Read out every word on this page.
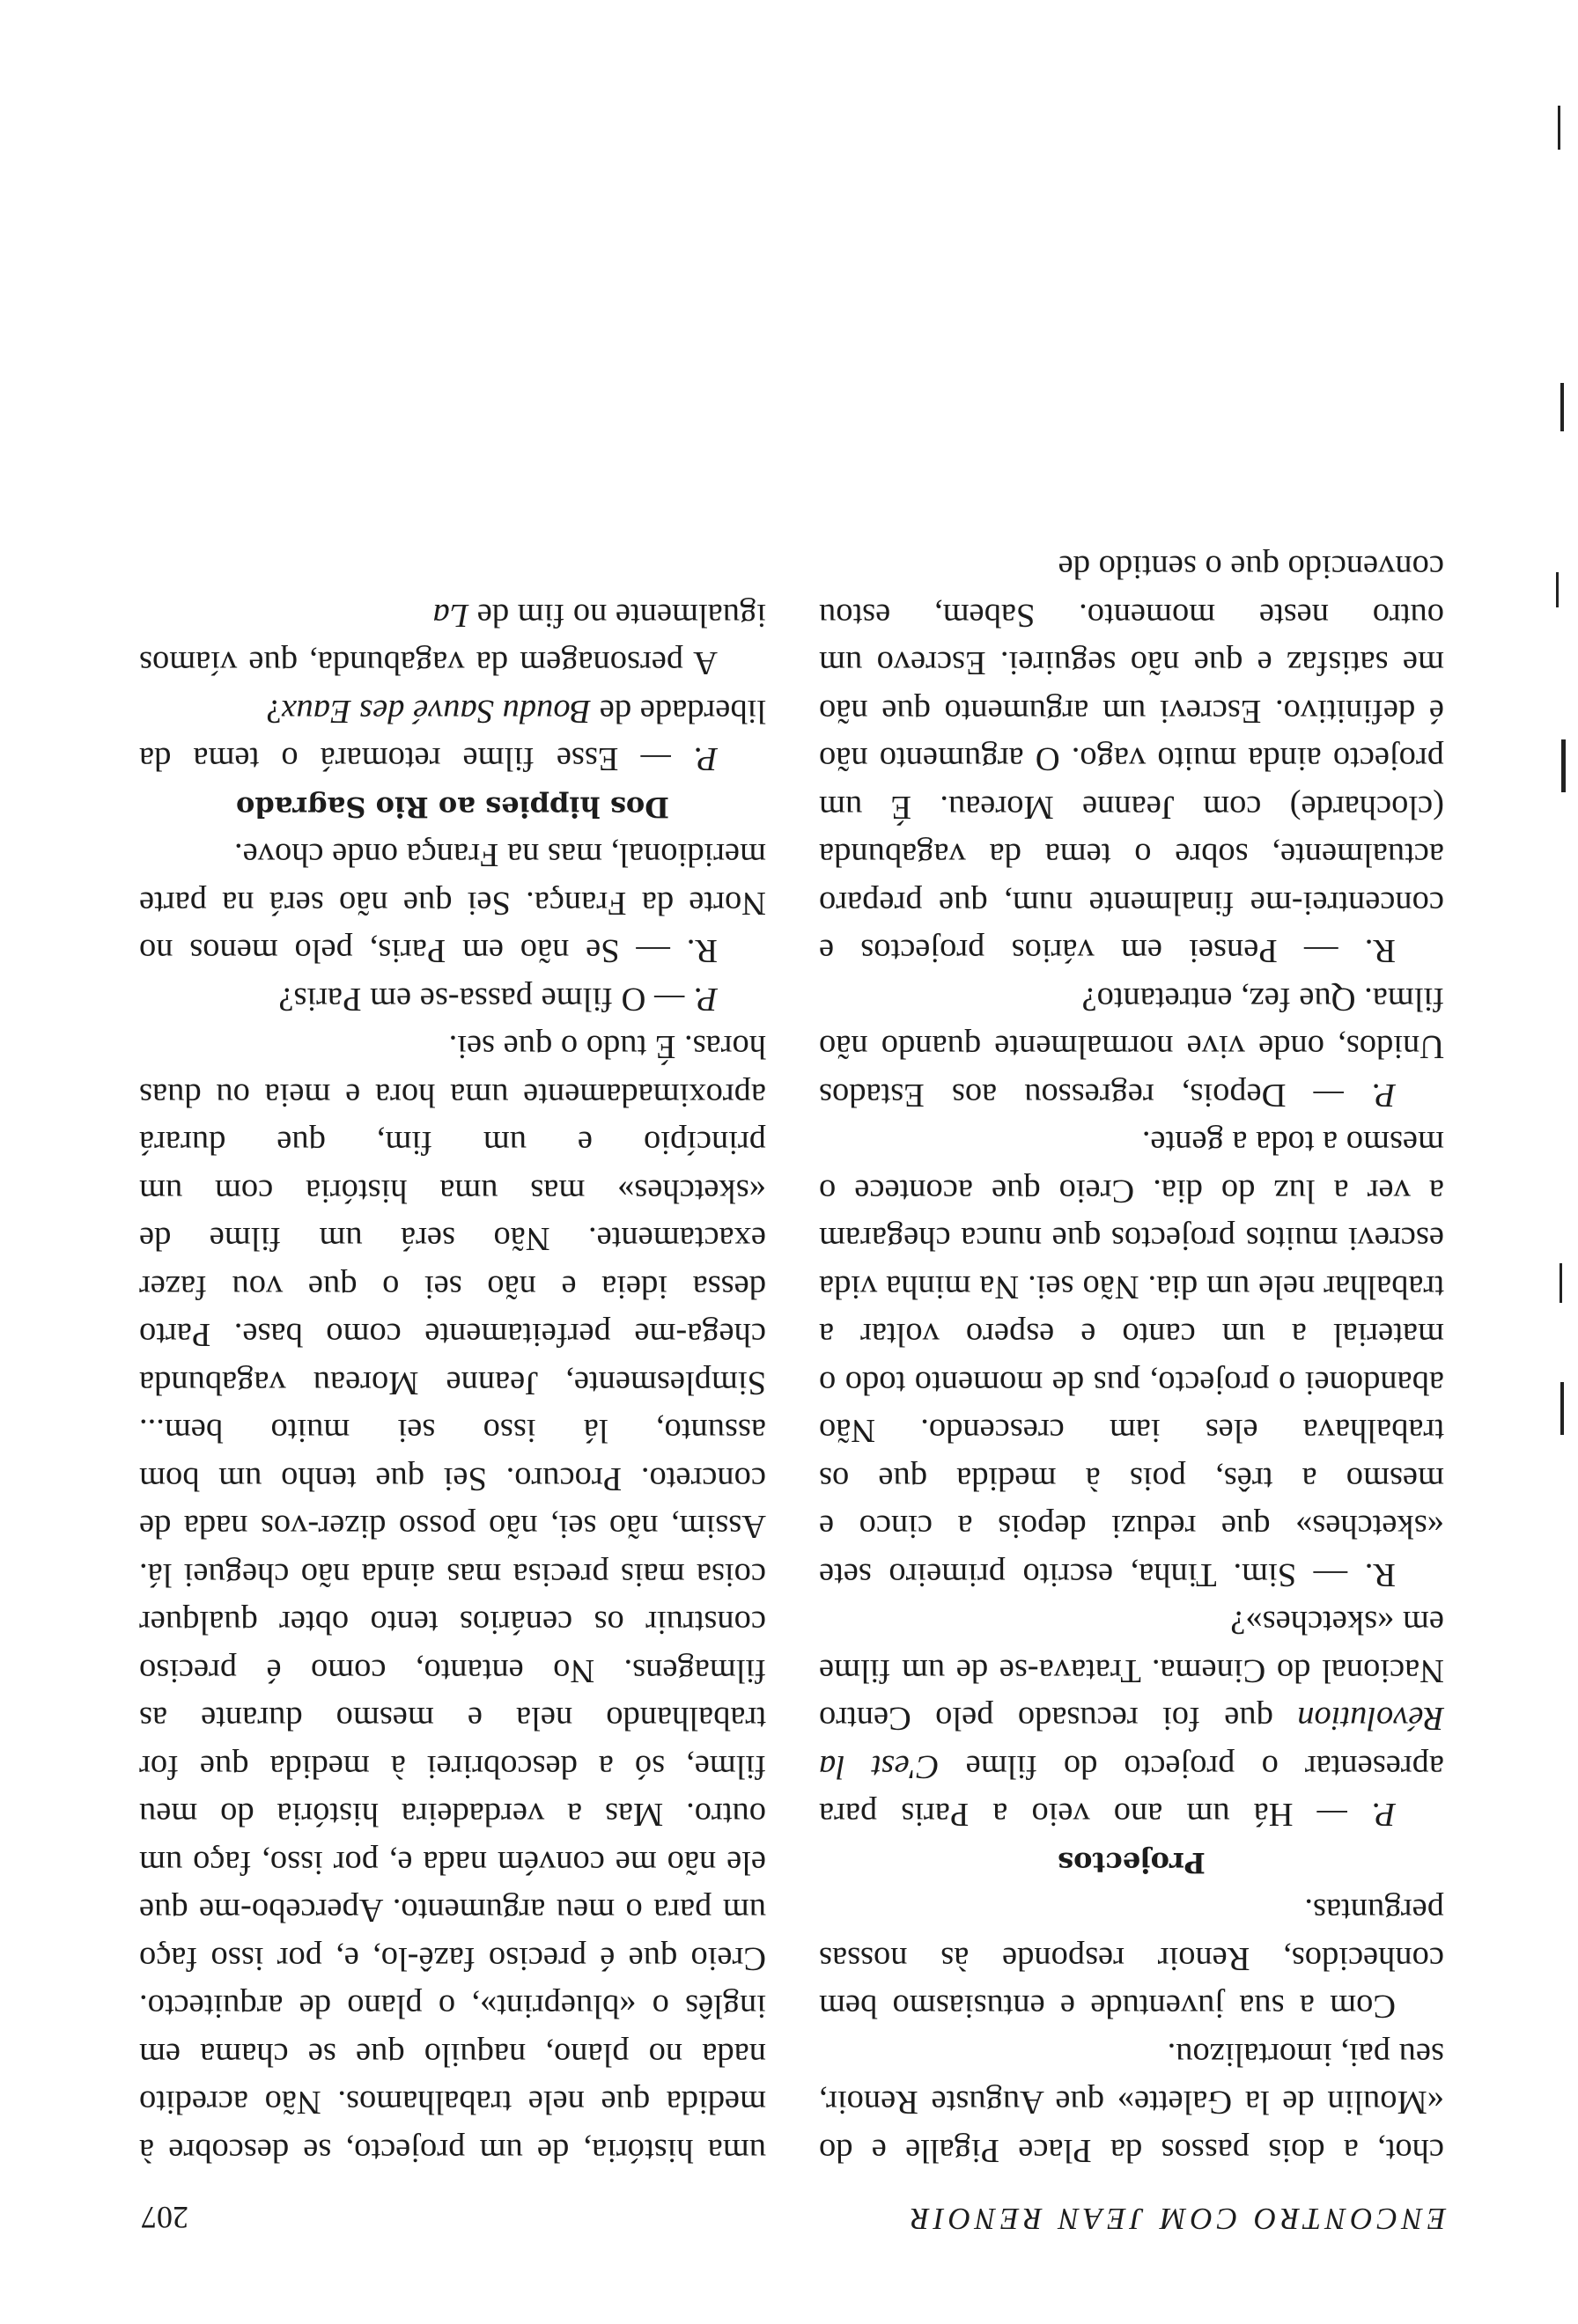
ENCONTRO COM JEAN RENOIR
207

chot, a dois passos da Place Pigalle e do «Moulin de la Galette» que Auguste Renoir, seu pai, imortalizou.

Com a sua juventude e entusiasmo bem conhecidos, Renoir responde às nossas perguntas.

Projectos

P. — Há um ano veio a Paris para apresentar o projecto do filme C'est la Révolution que foi recusado pelo Centro Nacional do Cinema. Tratava-se de um filme em «sketches»?

R. — Sim. Tinha, escrito primeiro sete «sketches» que reduzi depois a cinco e mesmo a três, pois à medida que os trabalhava eles iam crescendo. Não abandonei o projecto, pus de momento todo o material a um canto e espero voltar a trabalhar nele um dia. Não sei. Na minha vida escrevi muitos projectos que nunca chegaram a ver a luz do dia. Creio que acontece o mesmo a toda a gente.

P. — Depois, regressou aos Estados Unidos, onde vive normalmente quando não filma. Que fez, entretanto?

R. — Pensei em vários projectos e concentrei-me finalmente num, que preparo actualmente, sobre o tema da vagabunda (clocharde) com Jeanne Moreau. É um projecto ainda muito vago. O argumento não é definitivo. Escrevi um argumento que não me satisfaz e que não seguirei. Escrevo um outro neste momento. Sabem, estou convencido que o sentido de

uma história, de um projecto, se descobre à medida que nele trabalhamos. Não acredito nada no plano, naquilo que se chama em inglês o «blueprint», o plano de arquitecto. Creio que é preciso fazê-lo, e, por isso faço um para o meu argumento. Apercebo-me que ele não me convém nada e, por isso, faço um outro. Mas a verdadeira história do meu filme, só a descobrirei à medida que for trabalhando nela e mesmo durante as filmagens. No entanto, como é preciso construir os cenários tento obter qualquer coisa mais precisa mas ainda não cheguei lá. Assim, não sei, não posso dizer-vos nada de concreto. Procuro. Sei que tenho um bom assunto, lá isso sei muito bem... Simplesmente, Jeanne Moreau vagabunda chega-me perfeitamente como base. Parto dessa ideia e não sei o que vou fazer exactamente. Não será um filme de «sketches» mas uma história com um princípio e um fim, que durará aproximadamente uma hora e meia ou duas horas. É tudo o que sei.

P. — O filme passa-se em Paris?

R. — Se não em Paris, pelo menos no Norte da França. Sei que não será na parte meridional, mas na França onde chove.

Dos hippies ao Rio Sagrado

P. — Esse filme retomará o tema da liberdade de Boudu Sauvé des Eaux?

A personagem da vagabunda, que víamos igualmente no fim de La
